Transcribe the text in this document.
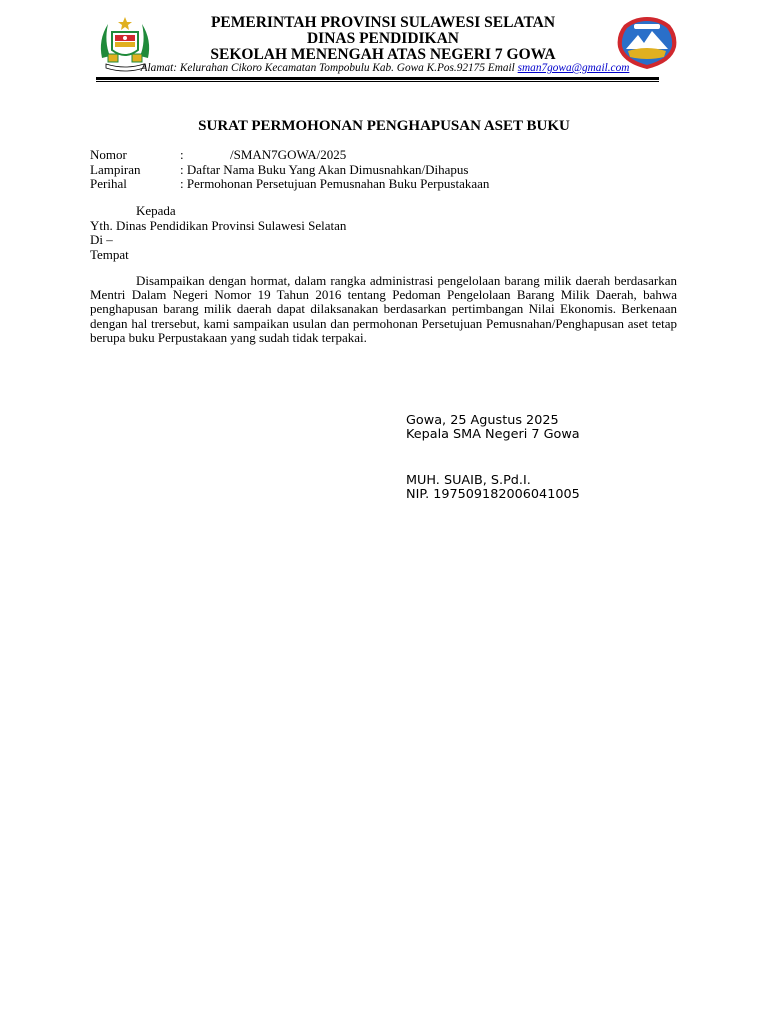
PEMERINTAH PROVINSI SULAWESI SELATAN
DINAS PENDIDIKAN
SEKOLAH MENENGAH ATAS NEGERI 7 GOWA
Alamat: Kelurahan Cikoro Kecamatan Tompobulu Kab. Gowa K.Pos.92175 Email sman7gowa@gmail.com
SURAT PERMOHONAN PENGHAPUSAN ASET BUKU
Nomor	:	/SMAN7GOWA/2025
Lampiran	: Daftar Nama Buku Yang Akan Dimusnahkan/Dihapus
Perihal	: Permohonan Persetujuan Pemusnahan Buku Perpustakaan
Kepada
Yth. Dinas Pendidikan Provinsi Sulawesi Selatan
Di –
Tempat
Disampaikan dengan hormat, dalam rangka administrasi pengelolaan barang milik daerah berdasarkan Mentri Dalam Negeri Nomor 19 Tahun 2016 tentang Pedoman Pengelolaan Barang Milik Daerah, bahwa penghapusan barang milik daerah dapat dilaksanakan berdasarkan pertimbangan Nilai Ekonomis. Berkenaan dengan hal trersebut, kami sampaikan usulan dan permohonan Persetujuan Pemusnahan/Penghapusan aset tetap berupa buku Perpustakaan yang sudah tidak terpakai.
Gowa, 25 Agustus 2025
Kepala SMA Negeri 7 Gowa
MUH. SUAIB, S.Pd.I.
NIP. 197509182006041005
